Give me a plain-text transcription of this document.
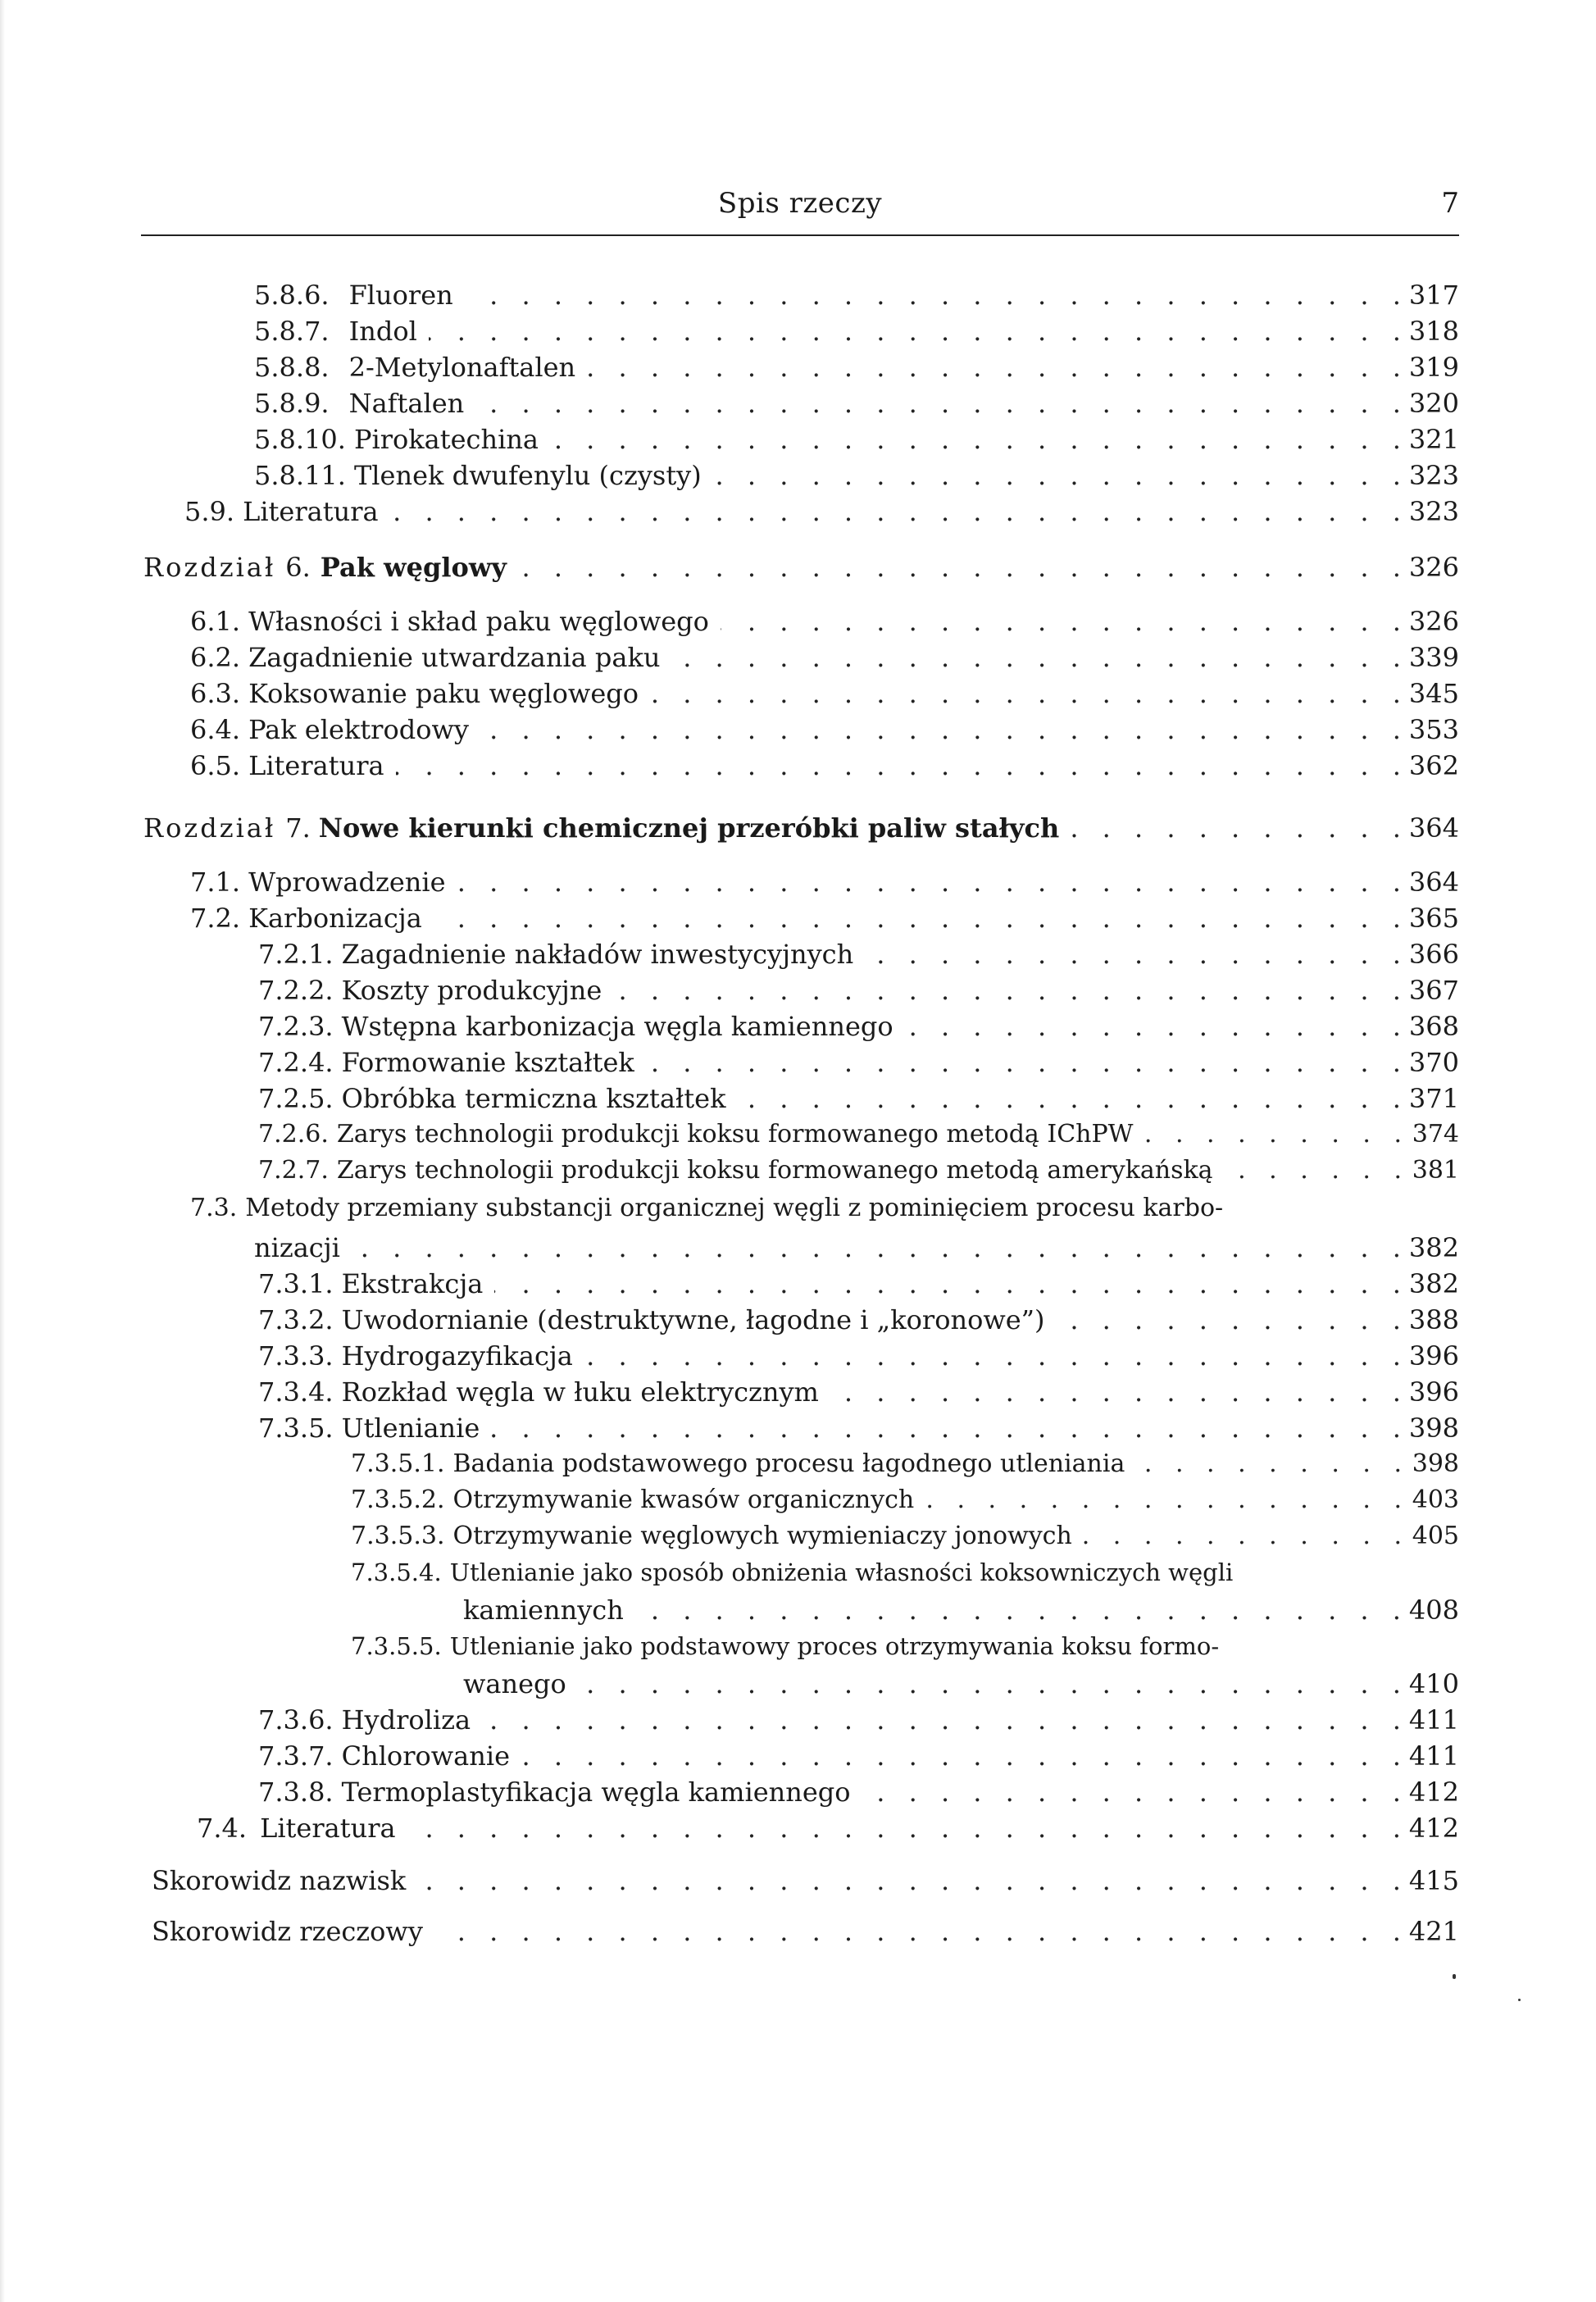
Spis rzeczy	7
5.8.6. Fluoren . . .	317
5.8.7. Indol . . .	318
5.8.8. 2-Metylonaftalen . . .	319
5.8.9. Naftalen . . .	320
5.8.10. Pirokatechina . . .	321
5.8.11. Tlenek dwufenylu (czysty) . . .	323
5.9. Literatura . . .	323
Rozdział 6. Pak węglowy . . .	326
6.1. Własności i skład paku węglowego . . .	326
6.2. Zagadnienie utwardzania paku . . .	339
6.3. Koksowanie paku węglowego . . .	345
6.4. Pak elektrodowy . . .	353
6.5. Literatura . . .	362
Rozdział 7. Nowe kierunki chemicznej przeróbki paliw stałych . . .	364
7.1. Wprowadzenie . . .	364
7.2. Karbonizacja . . .	365
7.2.1. Zagadnienie nakładów inwestycyjnych . . .	366
7.2.2. Koszty produkcyjne . . .	367
7.2.3. Wstępna karbonizacja węgla kamiennego . . .	368
7.2.4. Formowanie kształtek . . .	370
7.2.5. Obróbka termiczna kształtek . . .	371
7.2.6. Zarys technologii produkcji koksu formowanego metodą IChPW . . .	374
7.2.7. Zarys technologii produkcji koksu formowanego metodą amerykańską . . .	381
7.3. Metody przemiany substancji organicznej węgli z pominięciem procesu karbo-
nizacji . . .	382
7.3.1. Ekstrakcja . . .	382
7.3.2. Uwodornianie (destruktywne, łagodne i „koronowe”) . . .	388
7.3.3. Hydrogazyfikacja . . .	396
7.3.4. Rozkład węgla w łuku elektrycznym . . .	396
7.3.5. Utlenianie . . .	398
7.3.5.1. Badania podstawowego procesu łagodnego utleniania . . .	398
7.3.5.2. Otrzymywanie kwasów organicznych . . .	403
7.3.5.3. Otrzymywanie węglowych wymieniaczy jonowych . . .	405
7.3.5.4. Utlenianie jako sposób obniżenia własności koksowniczych węgli
kamiennych . . .	408
7.3.5.5. Utlenianie jako podstawowy proces otrzymywania koksu formo-
wanego . . .	410
7.3.6. Hydroliza . . .	411
7.3.7. Chlorowanie . . .	411
7.3.8. Termoplastyfikacja węgla kamiennego . . .	412
7.4. Literatura . . .	412
Skorowidz nazwisk . . .	415
Skorowidz rzeczowy . . .	421
